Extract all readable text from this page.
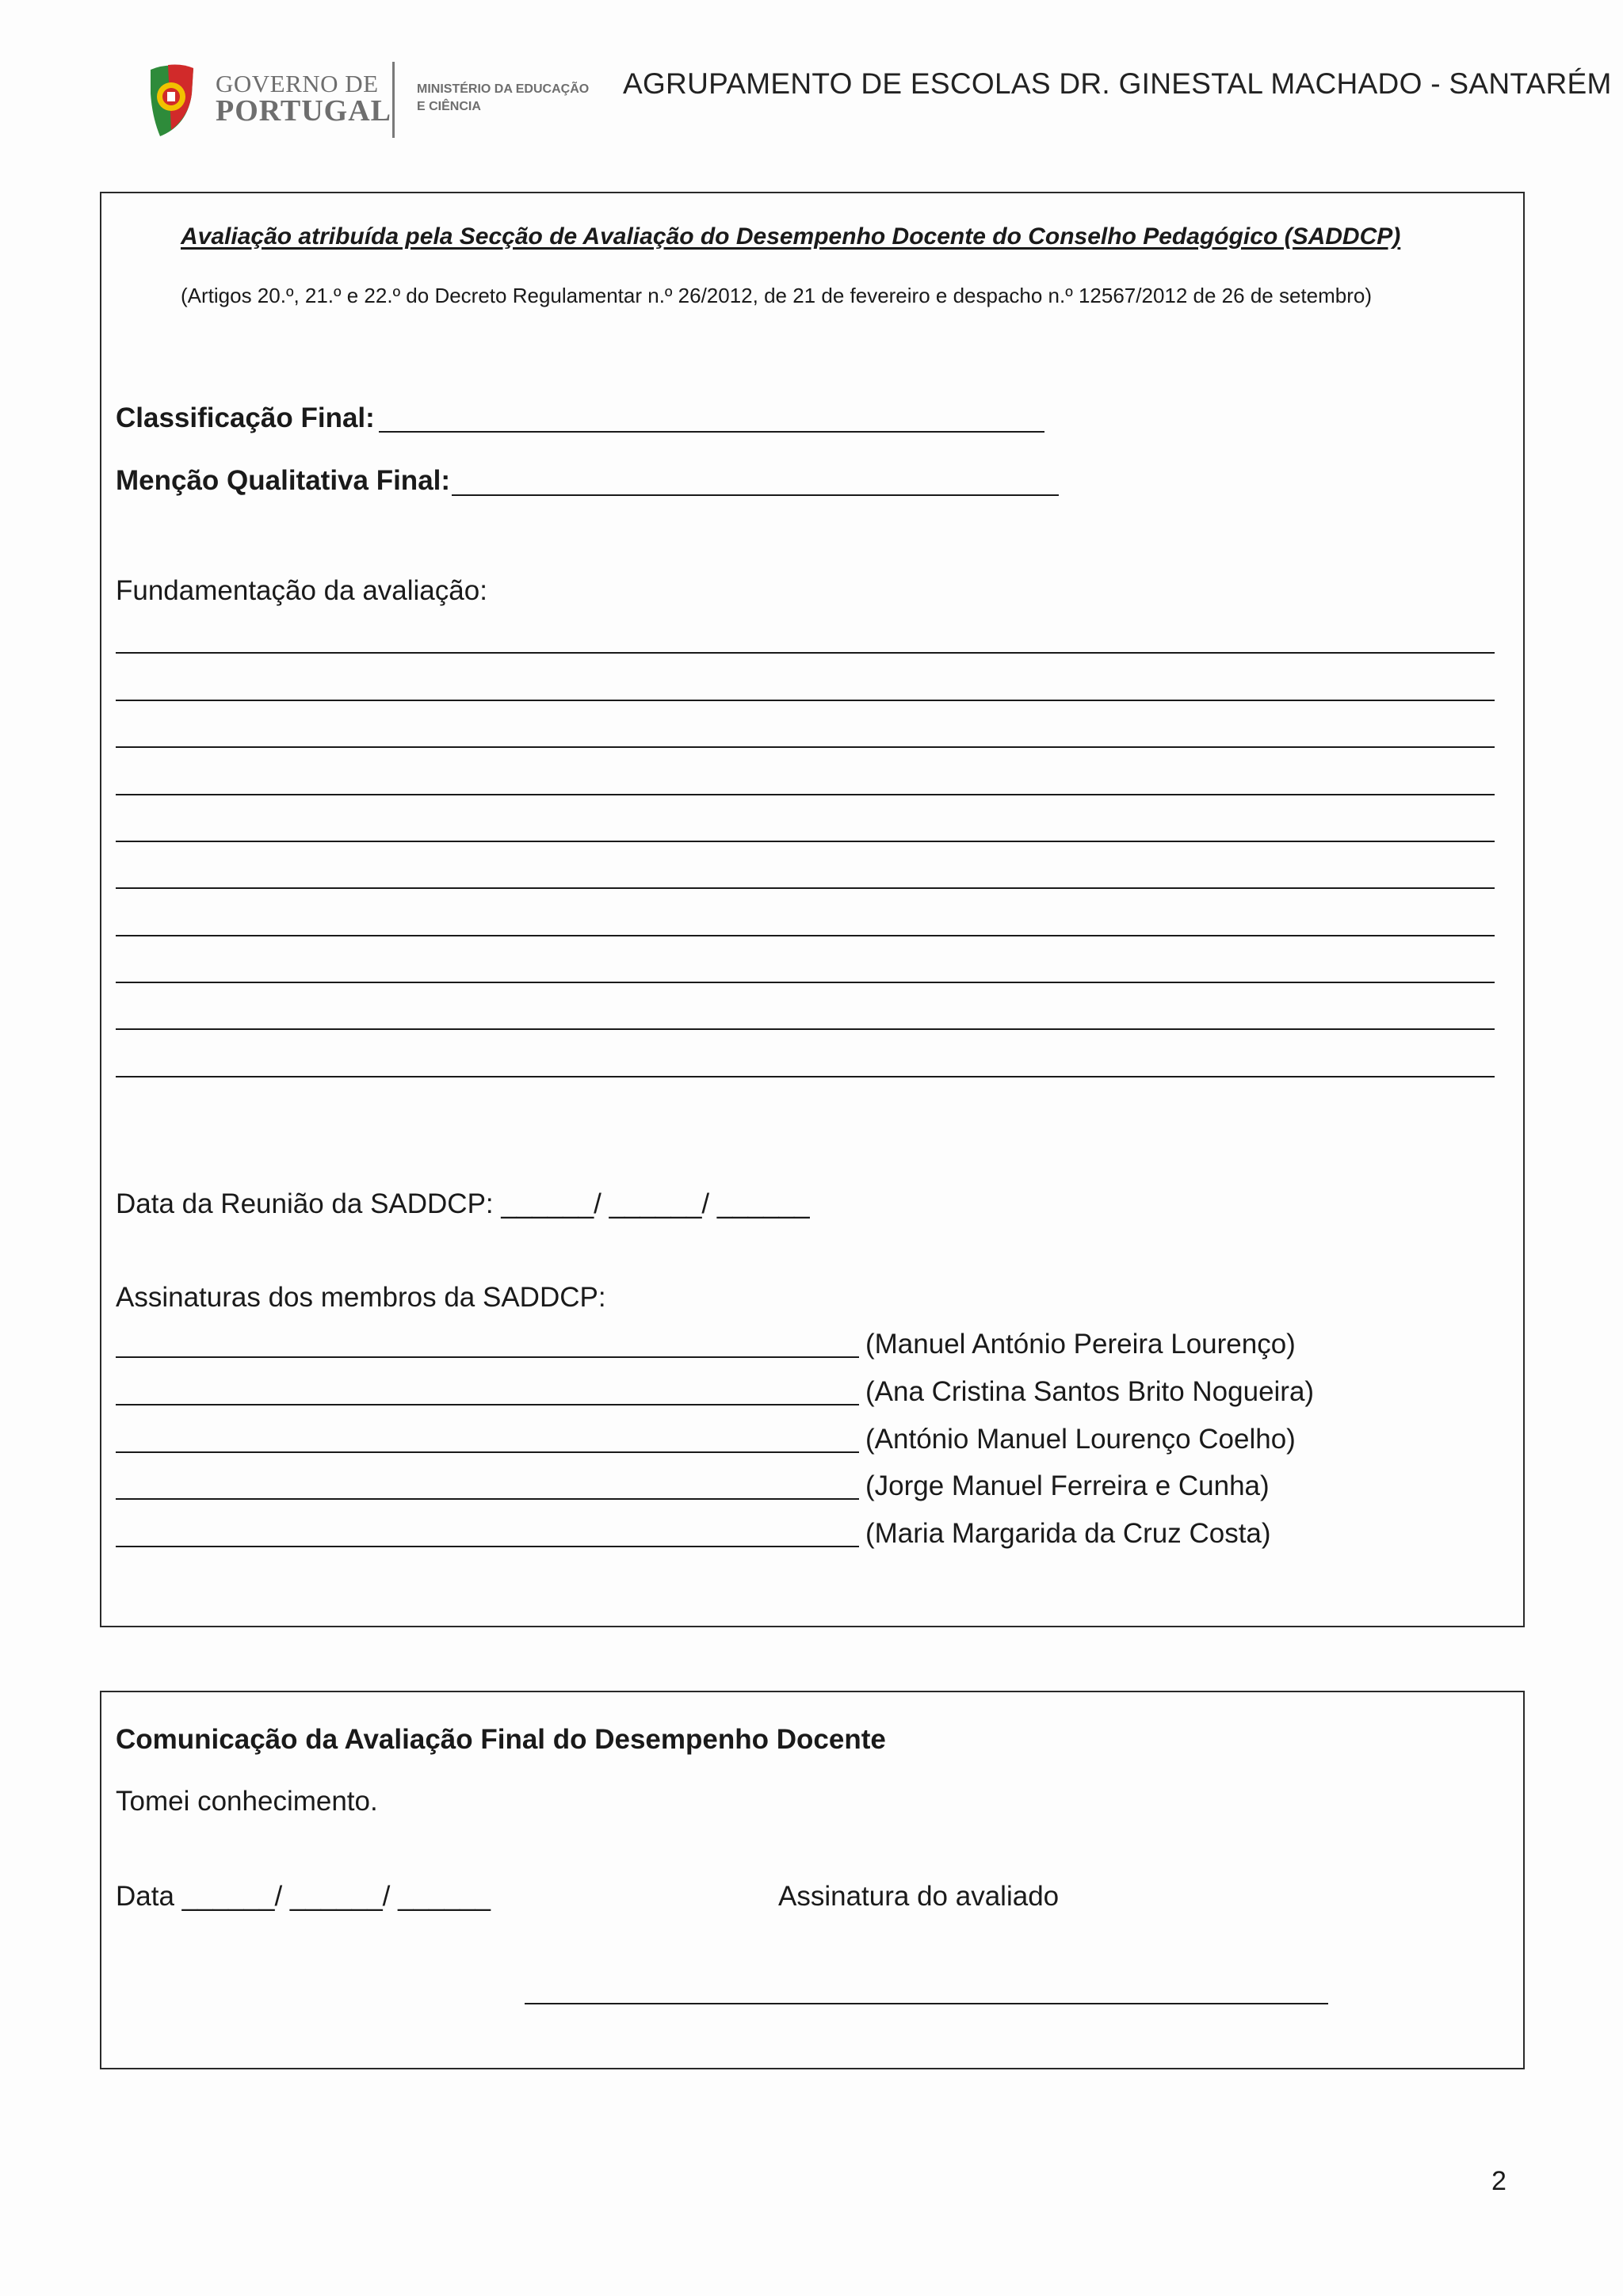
GOVERNO DE
PORTUGAL
MINISTÉRIO DA EDUCAÇÃO
E CIÊNCIA
AGRUPAMENTO DE ESCOLAS DR. GINESTAL MACHADO - SANTARÉM
Avaliação atribuída pela Secção de Avaliação do Desempenho Docente do Conselho Pedagógico (SADDCP)
(Artigos 20.º, 21.º e 22.º do Decreto Regulamentar n.º 26/2012, de 21 de fevereiro e despacho n.º 12567/2012 de 26 de setembro)
Classificação Final:
Menção Qualitativa Final:
Fundamentação da avaliação:
Data da Reunião da SADDCP: ______/ ______/ ______
Assinaturas dos membros da SADDCP:
(Manuel António Pereira Lourenço)
(Ana Cristina Santos Brito Nogueira)
(António Manuel Lourenço Coelho)
(Jorge Manuel Ferreira e Cunha)
(Maria Margarida da Cruz Costa)
Comunicação da Avaliação Final do Desempenho Docente
Tomei conhecimento.
Data ______/ ______/ ______	Assinatura do avaliado
2
